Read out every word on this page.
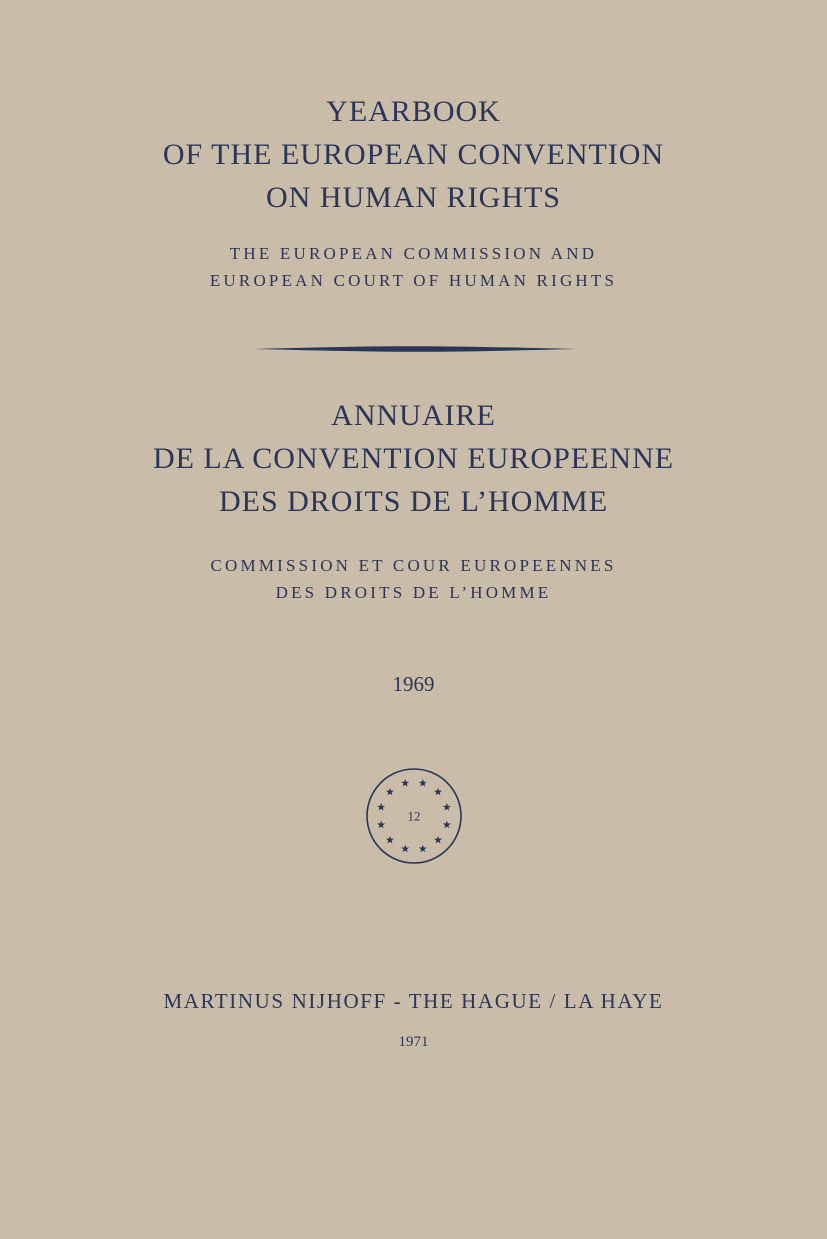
YEARBOOK
OF THE EUROPEAN CONVENTION
ON HUMAN RIGHTS
THE EUROPEAN COMMISSION AND
EUROPEAN COURT OF HUMAN RIGHTS
ANNUAIRE
DE LA CONVENTION EUROPEENNE
DES DROITS DE L’HOMME
COMMISSION ET COUR EUROPEENNES
DES DROITS DE L’HOMME
1969
12
MARTINUS NIJHOFF - THE HAGUE / LA HAYE
1971
